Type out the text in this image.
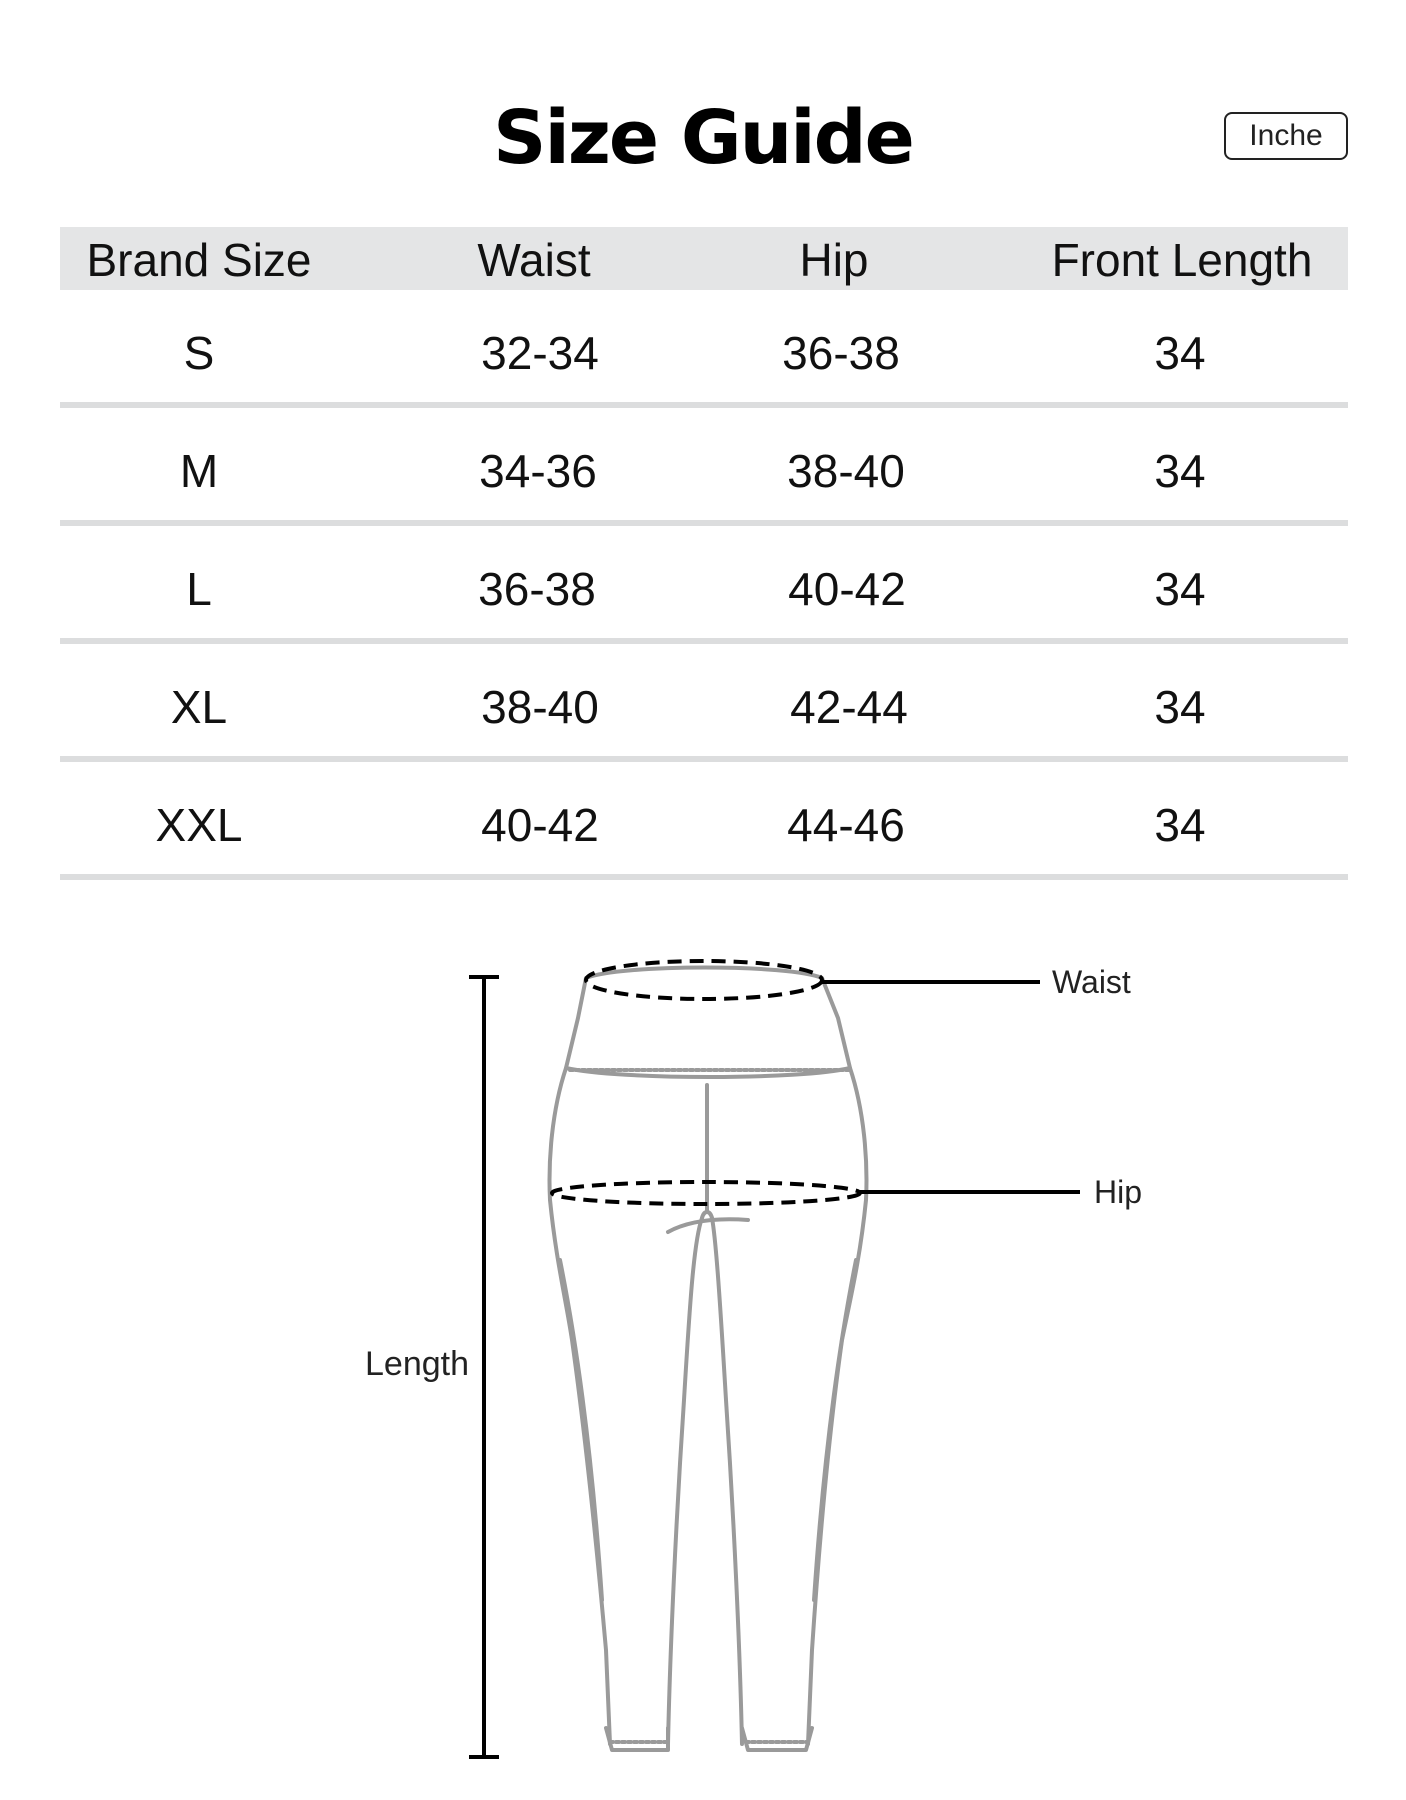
Size Guide	Inche
Brand Size	Waist	Hip	Front Length
S	32-34	36-38	34
M	34-36	38-40	34
L	36-38	40-42	34
XL	38-40	42-44	34
XXL	40-42	44-46	34
Length
Waist
Hip
